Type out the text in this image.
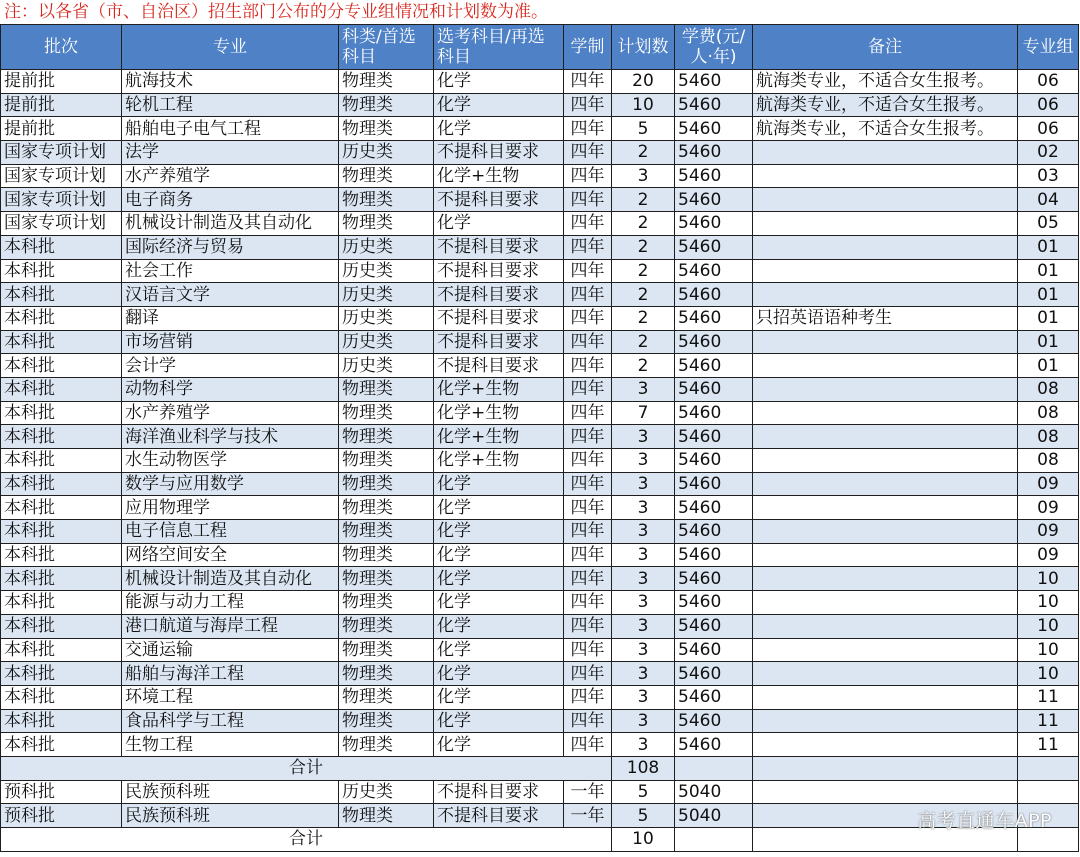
注：以各省（市、自治区）招生部门公布的分专业组情况和计划数为准。
批次	专业	科类/首选科目	选考科目/再选科目	学制	计划数	学费(元/人·年)	备注	专业组
提前批	航海技术	物理类	化学	四年	20	5460	航海类专业，不适合女生报考。	06
提前批	轮机工程	物理类	化学	四年	10	5460	航海类专业，不适合女生报考。	06
提前批	船舶电子电气工程	物理类	化学	四年	5	5460	航海类专业，不适合女生报考。	06
国家专项计划	法学	历史类	不提科目要求	四年	2	5460		02
国家专项计划	水产养殖学	物理类	化学+生物	四年	3	5460		03
国家专项计划	电子商务	物理类	不提科目要求	四年	2	5460		04
国家专项计划	机械设计制造及其自动化	物理类	化学	四年	2	5460		05
本科批	国际经济与贸易	历史类	不提科目要求	四年	2	5460		01
本科批	社会工作	历史类	不提科目要求	四年	2	5460		01
本科批	汉语言文学	历史类	不提科目要求	四年	2	5460		01
本科批	翻译	历史类	不提科目要求	四年	2	5460	只招英语语种考生	01
本科批	市场营销	历史类	不提科目要求	四年	2	5460		01
本科批	会计学	历史类	不提科目要求	四年	2	5460		01
本科批	动物科学	物理类	化学+生物	四年	3	5460		08
本科批	水产养殖学	物理类	化学+生物	四年	7	5460		08
本科批	海洋渔业科学与技术	物理类	化学+生物	四年	3	5460		08
本科批	水生动物医学	物理类	化学+生物	四年	3	5460		08
本科批	数学与应用数学	物理类	化学	四年	3	5460		09
本科批	应用物理学	物理类	化学	四年	3	5460		09
本科批	电子信息工程	物理类	化学	四年	3	5460		09
本科批	网络空间安全	物理类	化学	四年	3	5460		09
本科批	机械设计制造及其自动化	物理类	化学	四年	3	5460		10
本科批	能源与动力工程	物理类	化学	四年	3	5460		10
本科批	港口航道与海岸工程	物理类	化学	四年	3	5460		10
本科批	交通运输	物理类	化学	四年	3	5460		10
本科批	船舶与海洋工程	物理类	化学	四年	3	5460		10
本科批	环境工程	物理类	化学	四年	3	5460		11
本科批	食品科学与工程	物理类	化学	四年	3	5460		11
本科批	生物工程	物理类	化学	四年	3	5460		11
合计					108			
预科批	民族预科班	历史类	不提科目要求	一年	5	5040		
预科批	民族预科班	物理类	不提科目要求	一年	5	5040		
合计					10			
高考直通车APP
